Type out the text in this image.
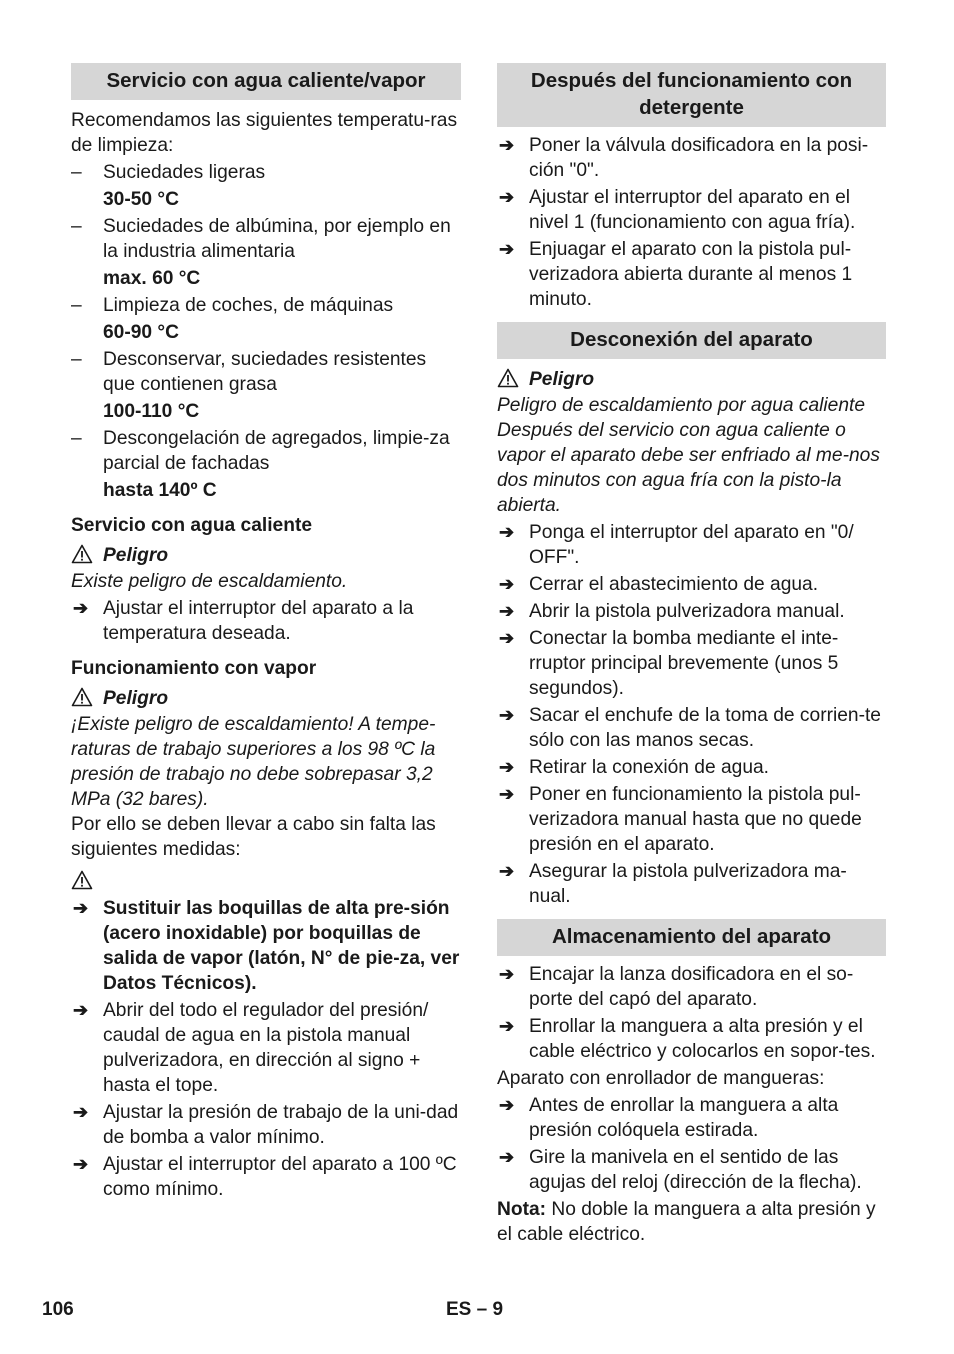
Servicio con agua caliente/vapor

Recomendamos las siguientes temperatu-ras de limpieza:

– Suciedades ligeras
30-50 °C
– Suciedades de albúmina, por ejemplo en la industria alimentaria
max. 60 °C
– Limpieza de coches, de máquinas
60-90 °C
– Desconservar, suciedades resistentes que contienen grasa
100-110 °C
– Descongelación de agregados, limpie-za parcial de fachadas
hasta 140º C
Servicio con agua caliente
Peligro

Existe peligro de escaldamiento.

➔ Ajustar el interruptor del aparato a la temperatura deseada.
Funcionamiento con vapor
Peligro

¡Existe peligro de escaldamiento! A tempe-raturas de trabajo superiores a los 98 ºC la presión de trabajo no debe sobrepasar 3,2 MPa (32 bares).

Por ello se deben llevar a cabo sin falta las siguientes medidas:

➔ Sustituir las boquillas de alta pre-sión (acero inoxidable) por boquillas de salida de vapor (latón, N° de pie-za, ver Datos Técnicos).
➔ Abrir del todo el regulador del presión/ caudal de agua en la pistola manual pulverizadora, en dirección al signo + hasta el tope.
➔ Ajustar la presión de trabajo de la uni-dad de bomba a valor mínimo.
➔ Ajustar el interruptor del aparato a 100 ºC como mínimo.
Después del funcionamiento con detergente
➔ Poner la válvula dosificadora en la posi-ción "0".
➔ Ajustar el interruptor del aparato en el nivel 1 (funcionamiento con agua fría).
➔ Enjuagar el aparato con la pistola pul-verizadora abierta durante al menos 1 minuto.
Desconexión del aparato
Peligro

Peligro de escaldamiento por agua caliente Después del servicio con agua caliente o vapor el aparato debe ser enfriado al me-nos dos minutos con agua fría con la pisto-la abierta.

➔ Ponga el interruptor del aparato en "0/ OFF".
➔ Cerrar el abastecimiento de agua.
➔ Abrir la pistola pulverizadora manual.
➔ Conectar la bomba mediante el inte-rruptor principal brevemente (unos 5 segundos).
➔ Sacar el enchufe de la toma de corrien-te sólo con las manos secas.
➔ Retirar la conexión de agua.
➔ Poner en funcionamiento la pistola pul-verizadora manual hasta que no quede presión en el aparato.
➔ Asegurar la pistola pulverizadora ma-nual.
Almacenamiento del aparato
➔ Encajar la lanza dosificadora en el so-porte del capó del aparato.
➔ Enrollar la manguera a alta presión y el cable eléctrico y colocarlos en sopor-tes.

Aparato con enrollador de mangueras:

➔ Antes de enrollar la manguera a alta presión colóquela estirada.
➔ Gire la manivela en el sentido de las agujas del reloj (dirección de la flecha).

Nota: No doble la manguera a alta presión y el cable eléctrico.

106	ES – 9
